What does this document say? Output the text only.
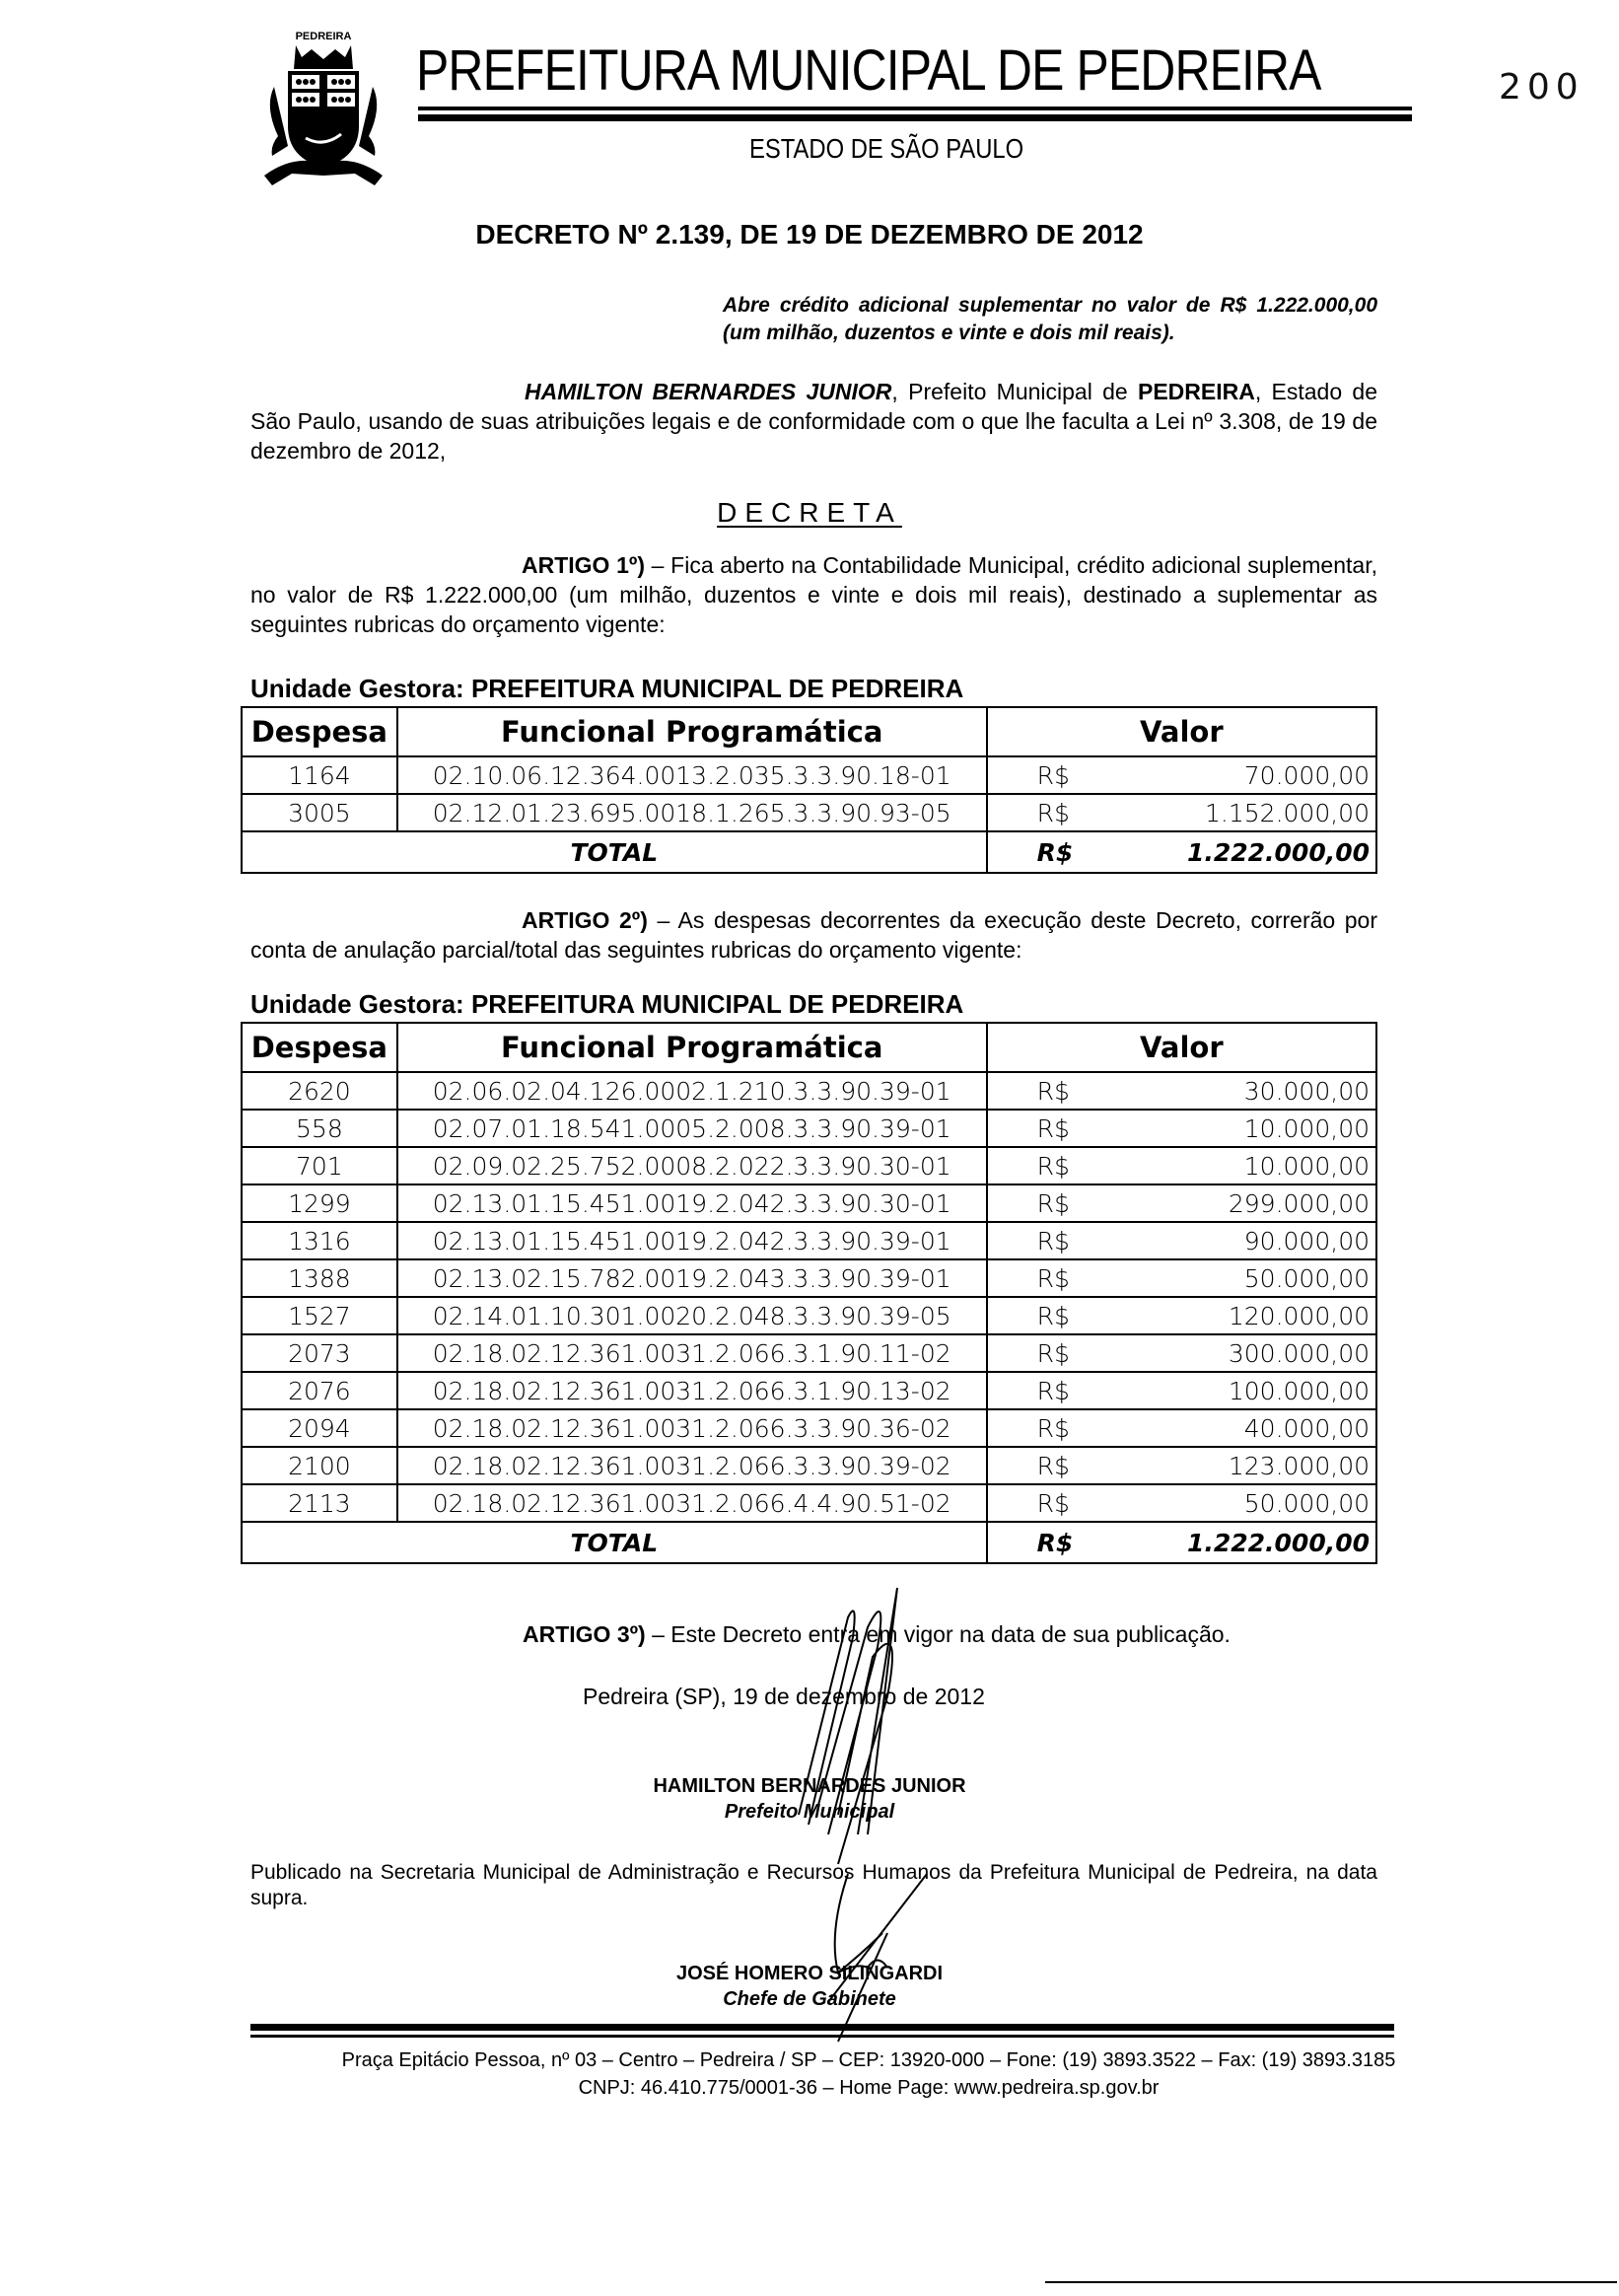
PEDREIRA
PREFEITURA MUNICIPAL DE PEDREIRA
ESTADO DE SÃO PAULO
200
DECRETO Nº 2.139, DE 19 DE DEZEMBRO DE 2012
Abre crédito adicional suplementar no valor de R$ 1.222.000,00 (um milhão, duzentos e vinte e dois mil reais).
HAMILTON BERNARDES JUNIOR, Prefeito Municipal de PEDREIRA, Estado de São Paulo, usando de suas atribuições legais e de conformidade com o que lhe faculta a Lei nº 3.308, de 19 de dezembro de 2012,
DECRETA
ARTIGO 1º) – Fica aberto na Contabilidade Municipal, crédito adicional suplementar, no valor de R$ 1.222.000,00 (um milhão, duzentos e vinte e dois mil reais), destinado a suplementar as seguintes rubricas do orçamento vigente:
Unidade Gestora: PREFEITURA MUNICIPAL DE PEDREIRA
Despesa	Funcional Programática	Valor	
1164	02.10.06.12.364.0013.2.035.3.3.90.18-01	R$	70.000,00
3005	02.12.01.23.695.0018.1.265.3.3.90.93-05	R$	1.152.000,00
TOTAL		R$	1.222.000,00
ARTIGO 2º) – As despesas decorrentes da execução deste Decreto, correrão por conta de anulação parcial/total das seguintes rubricas do orçamento vigente:
Unidade Gestora: PREFEITURA MUNICIPAL DE PEDREIRA
Despesa	Funcional Programática	Valor	
2620	02.06.02.04.126.0002.1.210.3.3.90.39-01	R$	30.000,00
558	02.07.01.18.541.0005.2.008.3.3.90.39-01	R$	10.000,00
701	02.09.02.25.752.0008.2.022.3.3.90.30-01	R$	10.000,00
1299	02.13.01.15.451.0019.2.042.3.3.90.30-01	R$	299.000,00
1316	02.13.01.15.451.0019.2.042.3.3.90.39-01	R$	90.000,00
1388	02.13.02.15.782.0019.2.043.3.3.90.39-01	R$	50.000,00
1527	02.14.01.10.301.0020.2.048.3.3.90.39-05	R$	120.000,00
2073	02.18.02.12.361.0031.2.066.3.1.90.11-02	R$	300.000,00
2076	02.18.02.12.361.0031.2.066.3.1.90.13-02	R$	100.000,00
2094	02.18.02.12.361.0031.2.066.3.3.90.36-02	R$	40.000,00
2100	02.18.02.12.361.0031.2.066.3.3.90.39-02	R$	123.000,00
2113	02.18.02.12.361.0031.2.066.4.4.90.51-02	R$	50.000,00
TOTAL		R$	1.222.000,00
ARTIGO 3º) – Este Decreto entra em vigor na data de sua publicação.
Pedreira (SP), 19 de dezembro de 2012
HAMILTON BERNARDES JUNIOR
Prefeito Municipal
Publicado na Secretaria Municipal de Administração e Recursos Humanos da Prefeitura Municipal de Pedreira, na data supra.
JOSÉ HOMERO SILINGARDI
Chefe de Gabinete
Praça Epitácio Pessoa, nº 03 – Centro – Pedreira / SP – CEP: 13920-000 – Fone: (19) 3893.3522 – Fax: (19) 3893.3185
CNPJ: 46.410.775/0001-36 – Home Page: www.pedreira.sp.gov.br
